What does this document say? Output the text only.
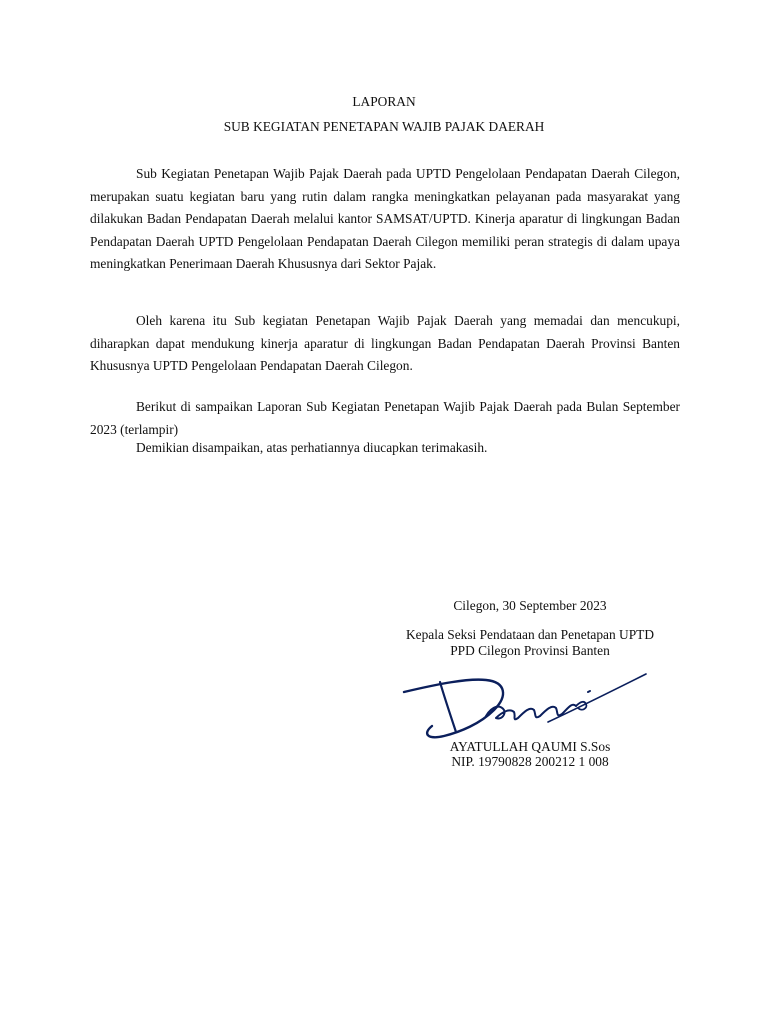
LAPORAN
SUB KEGIATAN PENETAPAN WAJIB PAJAK DAERAH

Sub Kegiatan Penetapan Wajib Pajak Daerah pada UPTD Pengelolaan Pendapatan Daerah Cilegon, merupakan suatu kegiatan baru yang rutin dalam rangka meningkatkan pelayanan pada masyarakat yang dilakukan Badan Pendapatan Daerah melalui kantor SAMSAT/UPTD. Kinerja aparatur di lingkungan Badan Pendapatan Daerah UPTD Pengelolaan Pendapatan Daerah Cilegon memiliki peran strategis di dalam upaya meningkatkan Penerimaan Daerah Khususnya dari Sektor Pajak.

Oleh karena itu Sub kegiatan Penetapan Wajib Pajak Daerah yang memadai dan mencukupi, diharapkan dapat mendukung kinerja aparatur di lingkungan Badan Pendapatan Daerah Provinsi Banten Khususnya UPTD Pengelolaan Pendapatan Daerah Cilegon.

Berikut di sampaikan Laporan Sub Kegiatan Penetapan Wajib Pajak Daerah pada Bulan September 2023 (terlampir)

Demikian disampaikan, atas perhatiannya diucapkan terimakasih.

Cilegon, 30 September 2023
Kepala Seksi Pendataan dan Penetapan UPTD
PPD Cilegon Provinsi Banten
AYATULLAH QAUMI S.Sos
NIP. 19790828 200212 1 008
